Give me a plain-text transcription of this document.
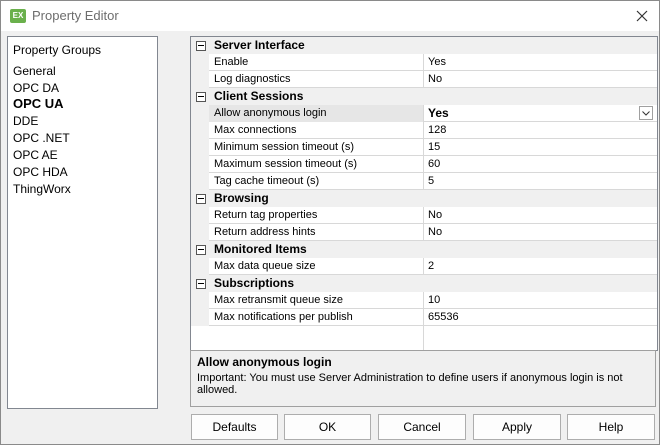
EX Property Editor
Property Groups
General
OPC DA
OPC UA
DDE
OPC .NET
OPC AE
OPC HDA
ThingWorx
Server Interface
Enable	Yes
Log diagnostics	No
Client Sessions
Allow anonymous login	Yes
Max connections	128
Minimum session timeout (s)	15
Maximum session timeout (s)	60
Tag cache timeout (s)	5
Browsing
Return tag properties	No
Return address hints	No
Monitored Items
Max data queue size	2
Subscriptions
Max retransmit queue size	10
Max notifications per publish	65536
Allow anonymous login
Important: You must use Server Administration to define users if anonymous login is not allowed.
Defaults	OK	Cancel	Apply	Help
